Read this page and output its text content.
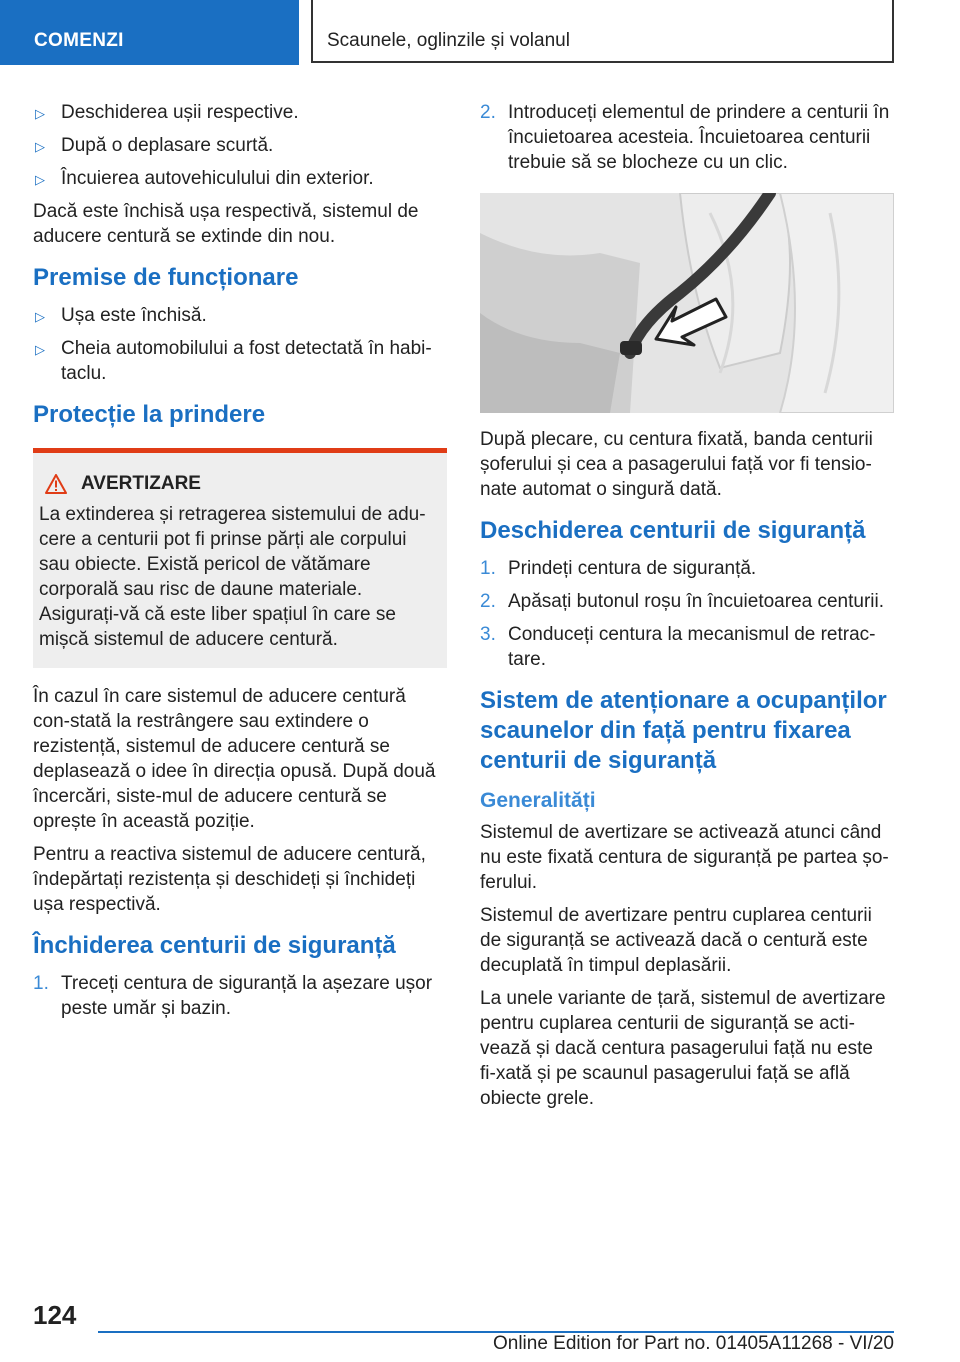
COMENZI	Scaunele, oglinzile și volanul
▷ Deschiderea ușii respective.
▷ După o deplasare scurtă.
▷ Încuierea autovehiculului din exterior.

Dacă este închisă ușa respectivă, sistemul de aducere centură se extinde din nou.

Premise de funcționare
▷ Ușa este închisă.
▷ Cheia automobilului a fost detectată în habi-taclu.
Protecție la prindere
AVERTIZARE

La extinderea și retragerea sistemului de adu-cere a centurii pot fi prinse părți ale corpului sau obiecte. Există pericol de vătămare corporală sau risc de daune materiale. Asigurați-vă că este liber spațiul în care se mișcă sistemul de aducere centură.

În cazul în care sistemul de aducere centură con-stată la restrângere sau extindere o rezistență, sistemul de aducere centură se deplasează o idee în direcția opusă. După două încercări, siste-mul de aducere centură se oprește în această poziție.

Pentru a reactiva sistemul de aducere centură, îndepărtați rezistența și deschideți și închideți ușa respectivă.

Închiderea centurii de siguranță
1. Treceți centura de siguranță la așezare ușor peste umăr și bazin.
2. Introduceți elementul de prindere a centurii în încuietoarea acesteia. Încuietoarea centurii trebuie să se blocheze cu un clic.

După plecare, cu centura fixată, banda centurii șoferului și cea a pasagerului față vor fi tensio-nate automat o singură dată.

Deschiderea centurii de siguranță
1. Prindeți centura de siguranță.
2. Apăsați butonul roșu în încuietoarea centurii.
3. Conduceți centura la mecanismul de retrac-tare.
Sistem de atenționare a ocupanților scaunelor din față pentru fixarea centurii de siguranță
Generalități

Sistemul de avertizare se activează atunci când nu este fixată centura de siguranță pe partea șo-ferului.

Sistemul de avertizare pentru cuplarea centurii de siguranță se activează dacă o centură este decuplată în timpul deplasării.

La unele variante de țară, sistemul de avertizare pentru cuplarea centurii de siguranță se acti-vează și dacă centura pasagerului față nu este fi-xată și pe scaunul pasagerului față se află obiecte grele.

124
Online Edition for Part no. 01405A11268 - VI/20
